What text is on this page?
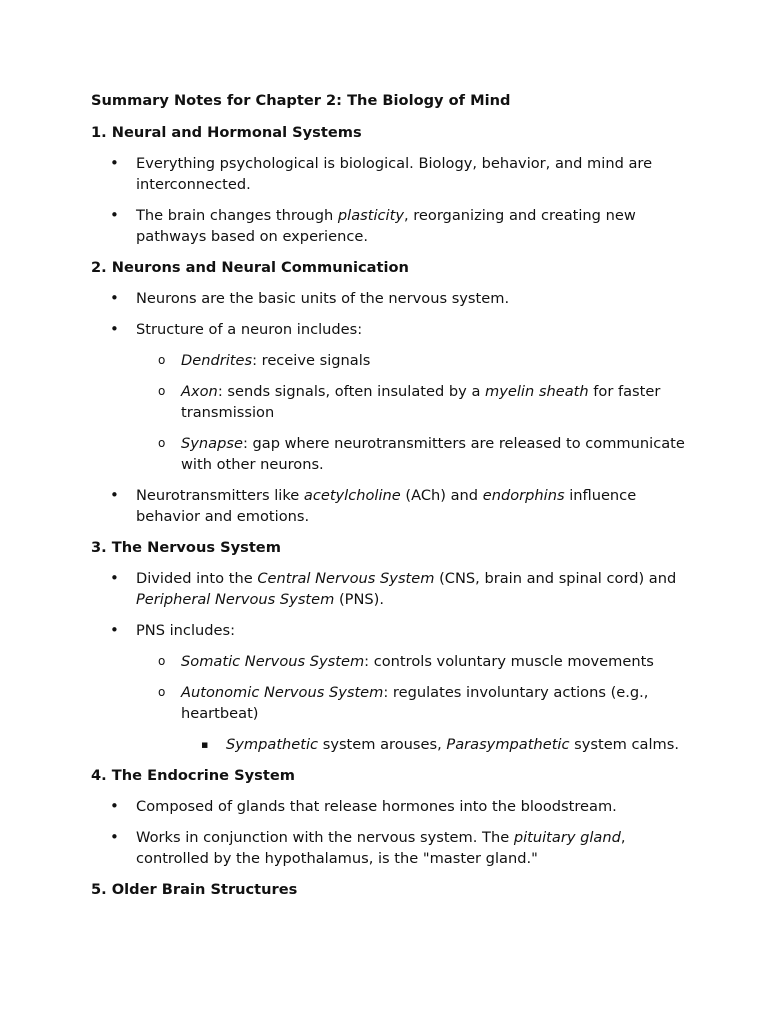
Summary Notes for Chapter 2: The Biology of Mind
1. Neural and Hormonal Systems
• Everything psychological is biological. Biology, behavior, and mind are interconnected.
• The brain changes through plasticity, reorganizing and creating new pathways based on experience.
2. Neurons and Neural Communication
• Neurons are the basic units of the nervous system.
• Structure of a neuron includes:
o Dendrites: receive signals
o Axon: sends signals, often insulated by a myelin sheath for faster transmission
o Synapse: gap where neurotransmitters are released to communicate with other neurons.
• Neurotransmitters like acetylcholine (ACh) and endorphins influence behavior and emotions.
3. The Nervous System
• Divided into the Central Nervous System (CNS, brain and spinal cord) and Peripheral Nervous System (PNS).
• PNS includes:
o Somatic Nervous System: controls voluntary muscle movements
o Autonomic Nervous System: regulates involuntary actions (e.g., heartbeat)
▪ Sympathetic system arouses, Parasympathetic system calms.
4. The Endocrine System
• Composed of glands that release hormones into the bloodstream.
• Works in conjunction with the nervous system. The pituitary gland, controlled by the hypothalamus, is the "master gland."
5. Older Brain Structures
